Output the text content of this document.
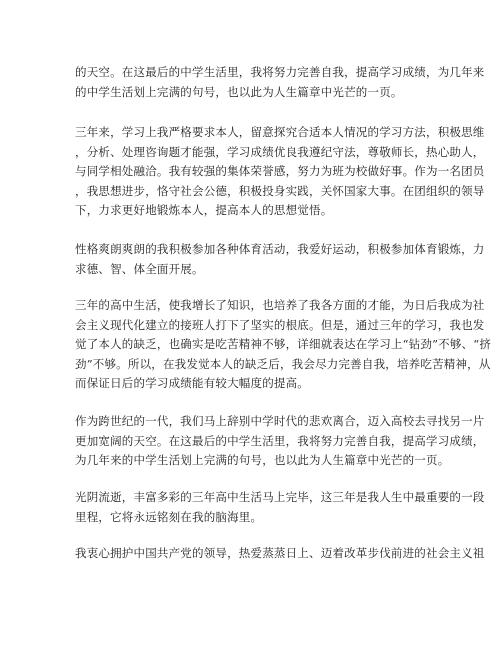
的天空。在这最后的中学生活里，我将努力完善自我，提高学习成绩，为几年来
的中学生活划上完满的句号，也以此为人生篇章中光芒的一页。

三年来，学习上我严格要求本人，留意探究合适本人情况的学习方法，积极思维
，分析、处理咨询题才能强，学习成绩优良我遵纪守法，尊敬师长，热心助人，
与同学相处融洽。我有较强的集体荣誉感，努力为班为校做好事。作为一名团员
，我思想进步，恪守社会公德，积极投身实践，关怀国家大事。在团组织的领导
下，力求更好地锻炼本人，提高本人的思想觉悟。

性格爽朗爽朗的我积极参加各种体育活动，我爱好运动，积极参加体育锻炼，力
求德、智、体全面开展。

三年的高中生活，使我增长了知识，也培养了我各方面的才能，为日后我成为社
会主义现代化建立的接班人打下了坚实的根底。但是，通过三年的学习，我也发
觉了本人的缺乏，也确实是吃苦精神不够，详细就表达在学习上“钻劲”不够、“挤
劲”不够。所以，在我发觉本人的缺乏后，我会尽力完善自我，培养吃苦精神，从
而保证日后的学习成绩能有较大幅度的提高。

作为跨世纪的一代，我们马上辞别中学时代的悲欢离合，迈入高校去寻找另一片
更加宽阔的天空。在这最后的中学生活里，我将努力完善自我，提高学习成绩，
为几年来的中学生活划上完满的句号，也以此为人生篇章中光芒的一页。

光阴流逝，丰富多彩的三年高中生活马上完毕，这三年是我人生中最重要的一段
里程，它将永远铭刻在我的脑海里。

我衷心拥护中国共产党的领导，热爱蒸蒸日上、迈着改革步伐前进的社会主义祖
